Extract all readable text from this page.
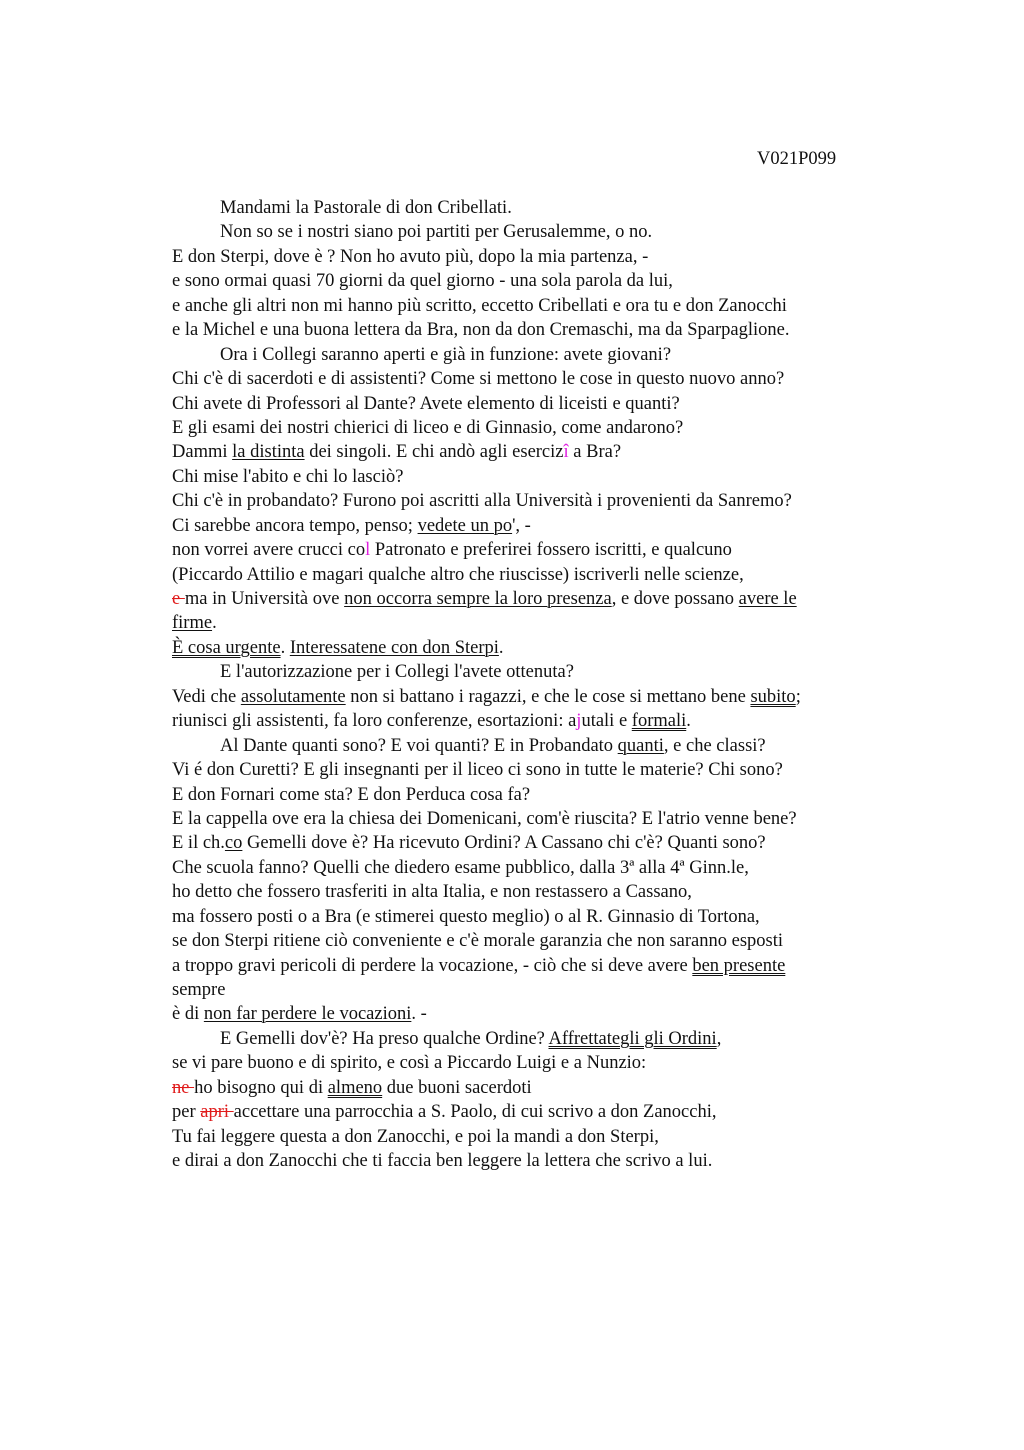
V021P099
Mandami la Pastorale di don Cribellati.
Non so se i nostri siano poi partiti per Gerusalemme, o no.
E don Sterpi, dove è ? Non ho avuto più, dopo la mia partenza, -
e sono ormai quasi 70 giorni da quel giorno - una sola parola da lui,
e anche gli altri non mi hanno più scritto, eccetto Cribellati e ora tu e don Zanocchi
e la Michel e una buona lettera da Bra, non da don Cremaschi, ma da Sparpaglione.
Ora i Collegi saranno aperti e già in funzione: avete giovani?
Chi c'è di sacerdoti e di assistenti? Come si mettono le cose in questo nuovo anno?
Chi avete di Professori al Dante? Avete elemento di liceisti e quanti?
E gli esami dei nostri chierici di liceo e di Ginnasio, come andarono?
Dammi la distinta dei singoli. E chi andò agli esercizî a Bra?
Chi mise l'abito e chi lo lasciò?
Chi c'è in probandato? Furono poi ascritti alla Università i provenienti da Sanremo?
Ci sarebbe ancora tempo, penso; vedete un po', -
non vorrei avere crucci col Patronato e preferirei fossero iscritti, e qualcuno
(Piccardo Attilio e magari qualche altro che riuscisse) iscriverli nelle scienze,
e ma in Università ove non occorra sempre la loro presenza, e dove possano avere le
firme.
È cosa urgente. Interessatene con don Sterpi.
E l'autorizzazione per i Collegi l'avete ottenuta?
Vedi che assolutamente non si battano i ragazzi, e che le cose si mettano bene subito;
riunisci gli assistenti, fa loro conferenze, esortazioni: ajutali e formali.
Al Dante quanti sono? E voi quanti? E in Probandato quanti, e che classi?
Vi é don Curetti? E gli insegnanti per il liceo ci sono in tutte le materie? Chi sono?
E don Fornari come sta? E don Perduca cosa fa?
E la cappella ove era la chiesa dei Domenicani, com'è riuscita? E l'atrio venne bene?
E il ch.co Gemelli dove è? Ha ricevuto Ordini? A Cassano chi c'è? Quanti sono?
Che scuola fanno? Quelli che diedero esame pubblico, dalla 3ª alla 4ª Ginn.le,
ho detto che fossero trasferiti in alta Italia, e non restassero a Cassano,
ma fossero posti o a Bra (e stimerei questo meglio) o al R. Ginnasio di Tortona,
se don Sterpi ritiene ciò conveniente e c'è morale garanzia che non saranno esposti
a troppo gravi pericoli di perdere la vocazione, - ciò che si deve avere ben presente
sempre
è di non far perdere le vocazioni. -
E Gemelli dov'è? Ha preso qualche Ordine? Affrettategli gli Ordini,
se vi pare buono e di spirito, e così a Piccardo Luigi e a Nunzio:
ne ho bisogno qui di almeno due buoni sacerdoti
per apri accettare una parrocchia a S. Paolo, di cui scrivo a don Zanocchi,
Tu fai leggere questa a don Zanocchi, e poi la mandi a don Sterpi,
e dirai a don Zanocchi che ti faccia ben leggere la lettera che scrivo a lui.
